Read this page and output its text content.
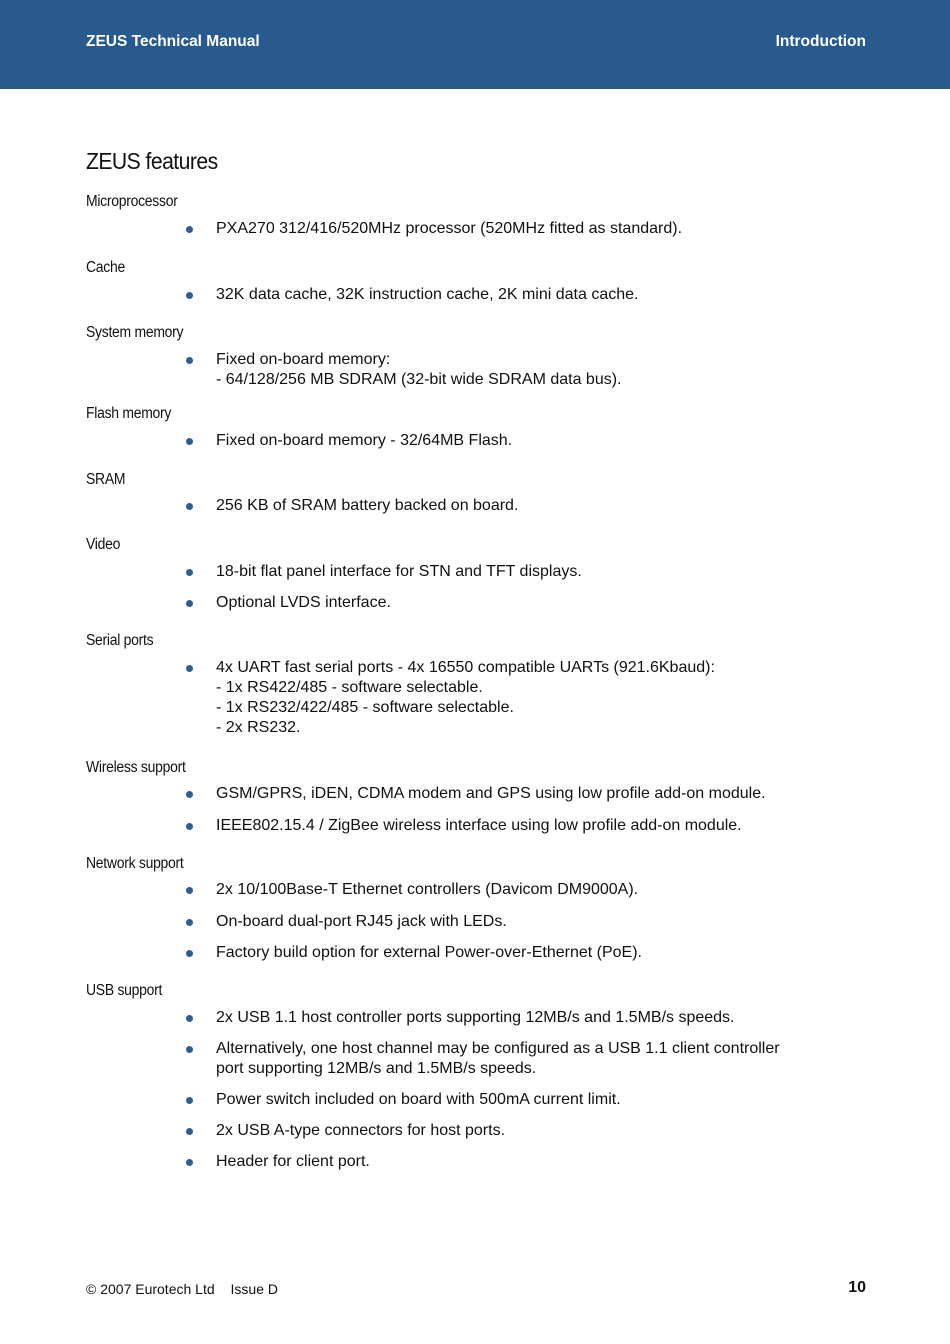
ZEUS Technical Manual	Introduction
ZEUS features
Microprocessor
PXA270 312/416/520MHz processor (520MHz fitted as standard).
Cache
32K data cache, 32K instruction cache, 2K mini data cache.
System memory
Fixed on-board memory:
- 64/128/256 MB SDRAM (32-bit wide SDRAM data bus).
Flash memory
Fixed on-board memory - 32/64MB Flash.
SRAM
256 KB of SRAM battery backed on board.
Video
18-bit flat panel interface for STN and TFT displays.
Optional LVDS interface.
Serial ports
4x UART fast serial ports - 4x 16550 compatible UARTs (921.6Kbaud):
- 1x RS422/485 - software selectable.
- 1x RS232/422/485 - software selectable.
- 2x RS232.
Wireless support
GSM/GPRS, iDEN, CDMA modem and GPS using low profile add-on module.
IEEE802.15.4 / ZigBee wireless interface using low profile add-on module.
Network support
2x 10/100Base-T Ethernet controllers (Davicom DM9000A).
On-board dual-port RJ45 jack with LEDs.
Factory build option for external Power-over-Ethernet (PoE).
USB support
2x USB 1.1 host controller ports supporting 12MB/s and 1.5MB/s speeds.
Alternatively, one host channel may be configured as a USB 1.1 client controller
port supporting 12MB/s and 1.5MB/s speeds.
Power switch included on board with 500mA current limit.
2x USB A-type connectors for host ports.
Header for client port.
© 2007 Eurotech Ltd Issue D	10
